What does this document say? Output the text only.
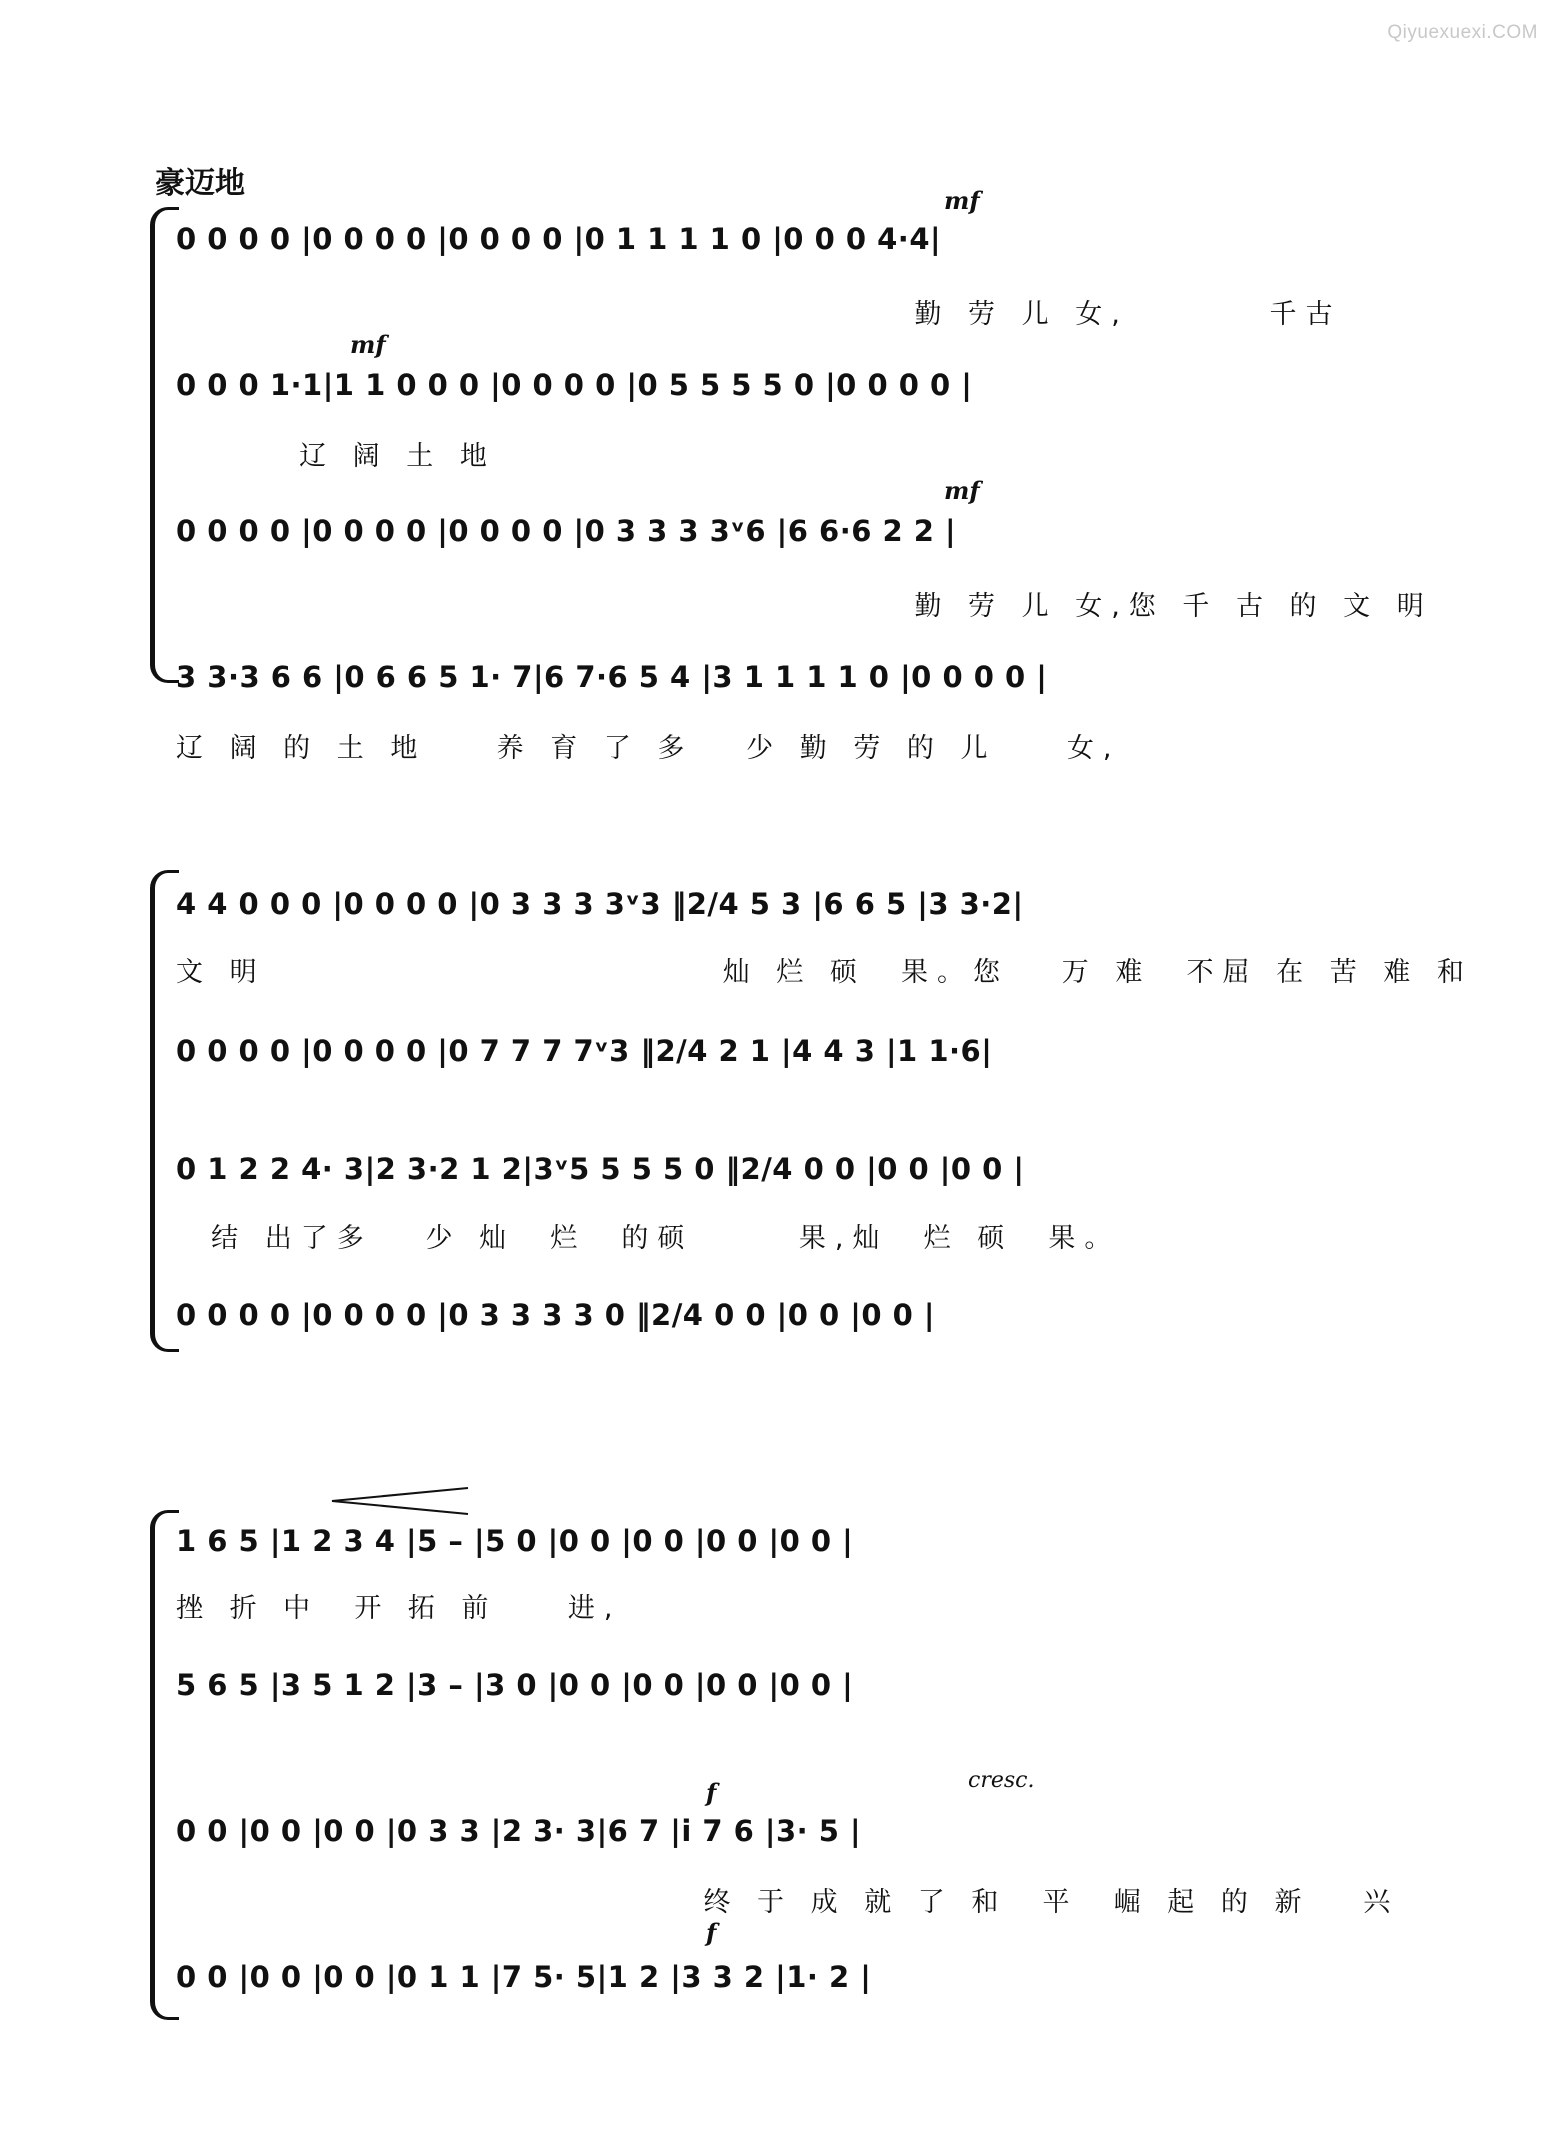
Qiyuexuexi.COM
豪迈地	mf
0 0 0 0 |0 0 0 0 |0 0 0 0 |0 1 1 1 1 0 |0 0 0 4·4|
勤 劳 儿 女,        千古
mf
0 0 0 1·1|1 1 0 0 0 |0 0 0 0 |0 5 5 5 5 0 |0 0 0 0 |
辽 阔 土 地
mf
0 0 0 0 |0 0 0 0 |0 0 0 0 |0 3 3 3 3ᵛ6 |6 6·6 2 2 |
勤 劳 儿 女,您 千 古 的 文 明
3 3·3 6 6 |0 6 6 5 1· 7|6 7·6 5 4 |3 1 1 1 1 0 |0 0 0 0 |
辽 阔 的 土 地    养 育 了 多   少 勤 劳 的 儿    女,
4 4 0 0 0 |0 0 0 0 |0 3 3 3 3ᵛ3 ‖2/4 5 3 |6 6 5 |3 3·2|
文 明                          灿 烂 硕  果。您   万 难  不屈 在 苦 难 和
0 0 0 0 |0 0 0 0 |0 7 7 7 7ᵛ3 ‖2/4 2 1 |4 4 3 |1 1·6|
0 1 2 2 4· 3|2 3·2 1 2|3ᵛ5 5 5 5 0 ‖2/4 0 0 |0 0 |0 0 |
结 出了多   少 灿  烂  的硕      果,灿  烂 硕  果。
0 0 0 0 |0 0 0 0 |0 3 3 3 3 0 ‖2/4 0 0 |0 0 |0 0 |
1 6 5 |1 2 3 4 |5 – |5 0 |0 0 |0 0 |0 0 |0 0 |
挫 折 中  开 拓 前    进,
5 6 5 |3 5 1 2 |3 – |3 0 |0 0 |0 0 |0 0 |0 0 |
cresc.
f
0 0 |0 0 |0 0 |0 3 3 |2 3· 3|6 7 |i 7 6 |3· 5 |
终 于 成 就 了 和  平  崛 起 的 新   兴
f
0 0 |0 0 |0 0 |0 1 1 |7 5· 5|1 2 |3 3 2 |1· 2 |
